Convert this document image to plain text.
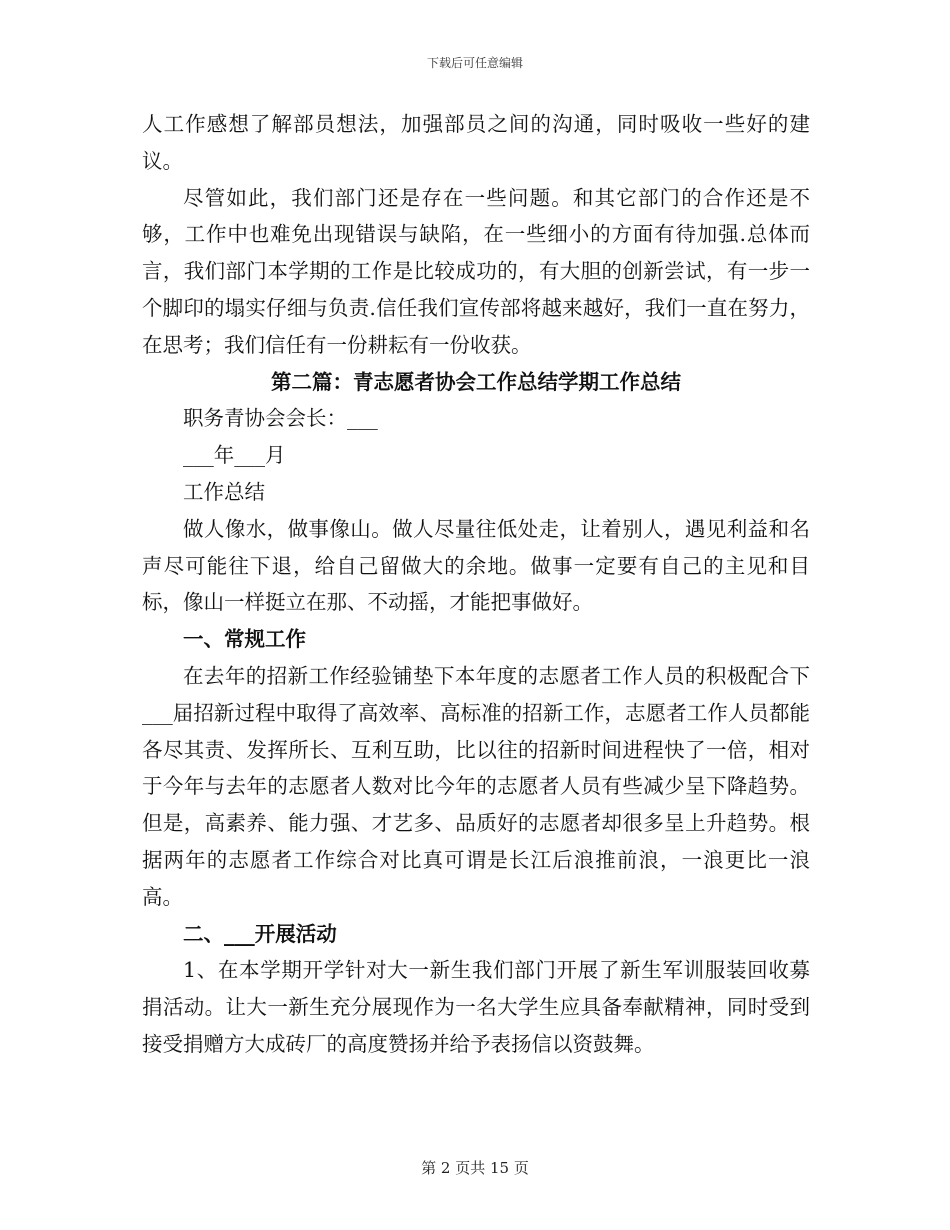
下载后可任意编辑

人工作感想了解部员想法，加强部员之间的沟通，同时吸收一些好的建议。

尽管如此，我们部门还是存在一些问题。和其它部门的合作还是不够，工作中也难免出现错误与缺陷，在一些细小的方面有待加强.总体而言，我们部门本学期的工作是比较成功的，有大胆的创新尝试，有一步一个脚印的塌实仔细与负责.信任我们宣传部将越来越好，我们一直在努力，在思考；我们信任有一份耕耘有一份收获。

第二篇：青志愿者协会工作总结学期工作总结

职务青协会会长：___

___年___月

工作总结

做人像水，做事像山。做人尽量往低处走，让着别人，遇见利益和名声尽可能往下退，给自己留做大的余地。做事一定要有自己的主见和目标，像山一样挺立在那、不动摇，才能把事做好。

一、常规工作

在去年的招新工作经验铺垫下本年度的志愿者工作人员的积极配合下___届招新过程中取得了高效率、高标准的招新工作，志愿者工作人员都能各尽其责、发挥所长、互利互助，比以往的招新时间进程快了一倍，相对于今年与去年的志愿者人数对比今年的志愿者人员有些减少呈下降趋势。但是，高素养、能力强、才艺多、品质好的志愿者却很多呈上升趋势。根据两年的志愿者工作综合对比真可谓是长江后浪推前浪，一浪更比一浪高。

二、___开展活动

1、在本学期开学针对大一新生我们部门开展了新生军训服装回收募捐活动。让大一新生充分展现作为一名大学生应具备奉献精神，同时受到接受捐赠方大成砖厂的高度赞扬并给予表扬信以资鼓舞。

第 2 页共 15 页
